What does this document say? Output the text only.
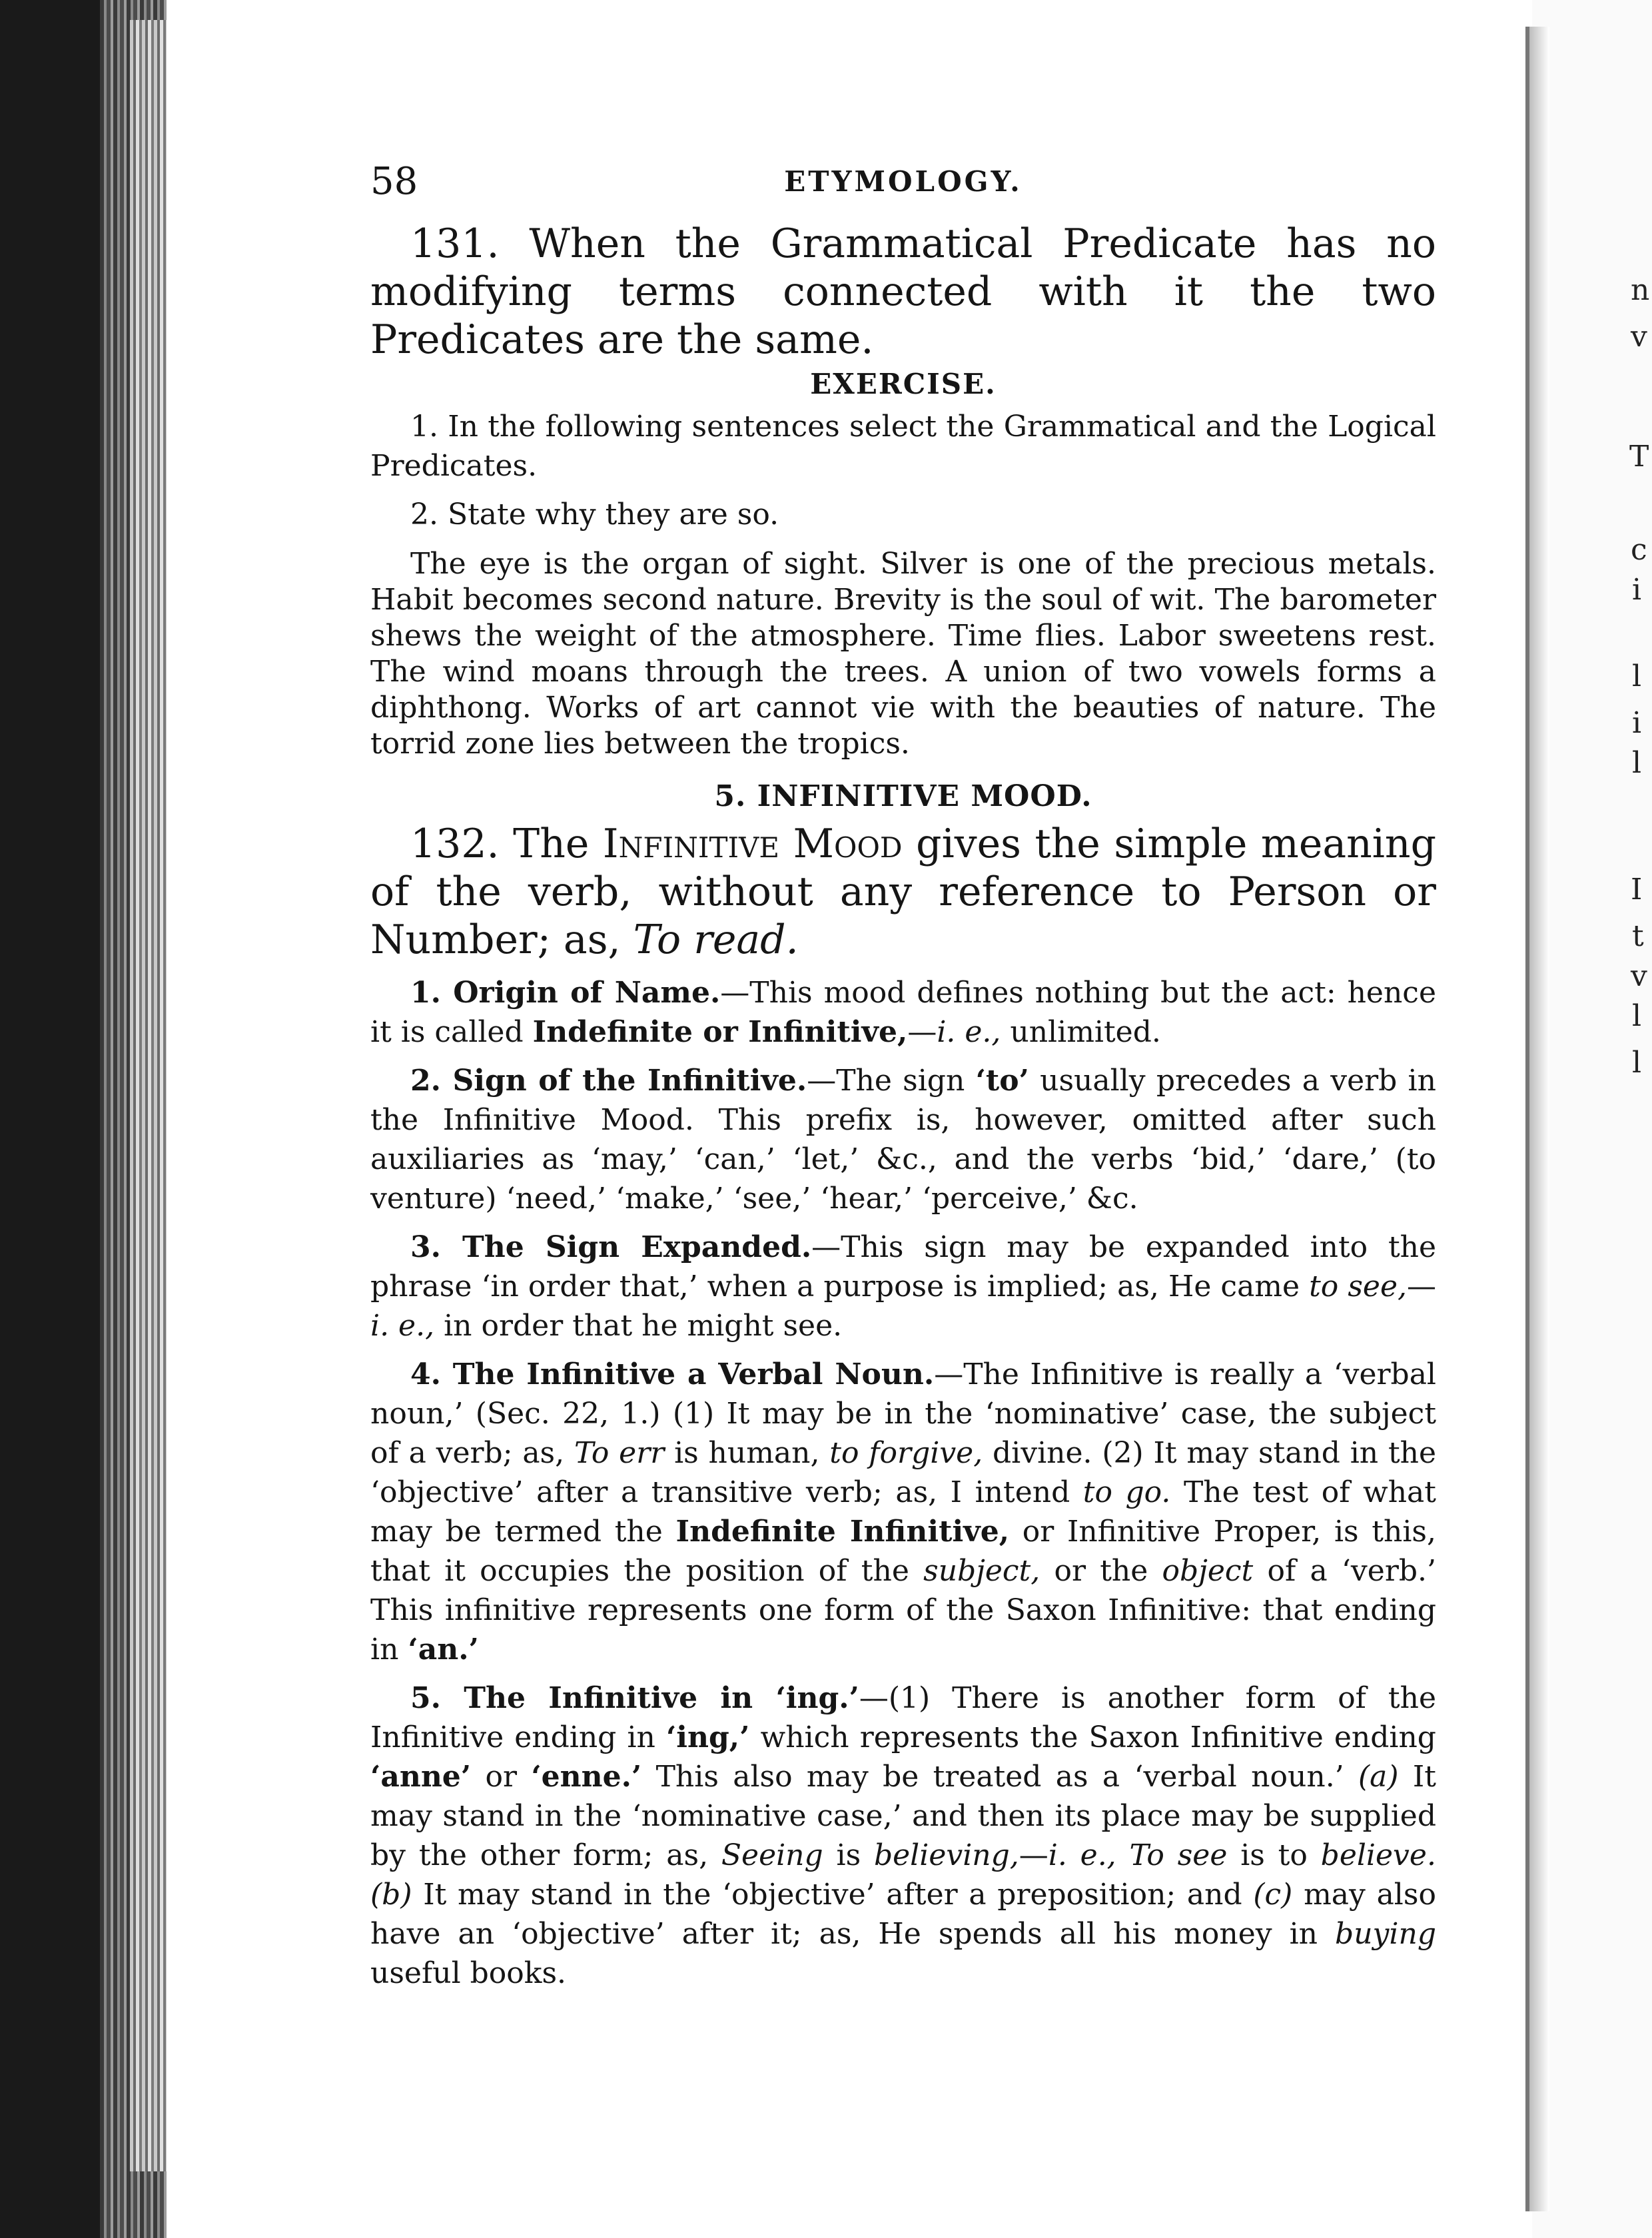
n
v
T
c
i
l
i
l
I
t
v
l
l
58	ETYMOLOGY.

131. When the Grammatical Predicate has no modifying terms connected with it the two Predicates are the same.

EXERCISE.

1. In the following sentences select the Grammatical and the Logical Predicates.

2. State why they are so.

The eye is the organ of sight. Silver is one of the precious metals. Habit becomes second nature. Brevity is the soul of wit. The barometer shews the weight of the atmosphere. Time flies. Labor sweetens rest. The wind moans through the trees. A union of two vowels forms a diphthong. Works of art cannot vie with the beauties of nature. The torrid zone lies between the tropics.

5. INFINITIVE MOOD.

132. The Infinitive Mood gives the simple meaning of the verb, without any reference to Person or Number; as, To read.

1. Origin of Name.—This mood defines nothing but the act: hence it is called Indefinite or Infinitive,—i. e., unlimited.

2. Sign of the Infinitive.—The sign ‘to’ usually precedes a verb in the Infinitive Mood. This prefix is, however, omitted after such auxiliaries as ‘may,’ ‘can,’ ‘let,’ &c., and the verbs ‘bid,’ ‘dare,’ (to venture) ‘need,’ ‘make,’ ‘see,’ ‘hear,’ ‘perceive,’ &c.

3. The Sign Expanded.—This sign may be expanded into the phrase ‘in order that,’ when a purpose is implied; as, He came to see,—i. e., in order that he might see.

4. The Infinitive a Verbal Noun.—The Infinitive is really a ‘verbal noun,’ (Sec. 22, 1.) (1) It may be in the ‘nominative’ case, the subject of a verb; as, To err is human, to forgive, divine. (2) It may stand in the ‘objective’ after a transitive verb; as, I intend to go. The test of what may be termed the Indefinite Infinitive, or Infinitive Proper, is this, that it occupies the position of the subject, or the object of a ‘verb.’ This infinitive represents one form of the Saxon Infinitive: that ending in ‘an.’

5. The Infinitive in ‘ing.’—(1) There is another form of the Infinitive ending in ‘ing,’ which represents the Saxon Infinitive ending ‘anne’ or ‘enne.’ This also may be treated as a ‘verbal noun.’ (a) It may stand in the ‘nominative case,’ and then its place may be supplied by the other form; as, Seeing is believing,—i. e., To see is to believe. (b) It may stand in the ‘objective’ after a preposition; and (c) may also have an ‘objective’ after it; as, He spends all his money in buying useful books.
